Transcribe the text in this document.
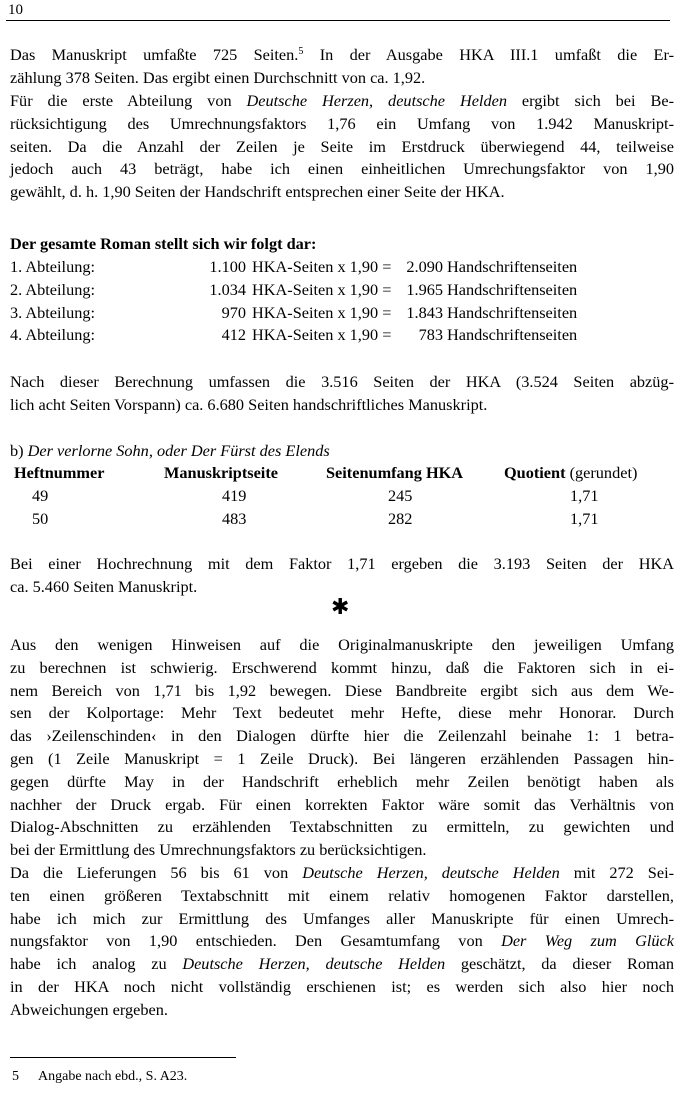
10
Das Manuskript umfaßte 725 Seiten.$^5$ In der Ausgabe HKA III.1 umfaßt die Er-
zählung 378 Seiten. Das ergibt einen Durchschnitt von ca. 1,92.
Für die erste Abteilung von Deutsche Herzen, deutsche Helden ergibt sich bei Be-
rücksichtigung des Umrechnungsfaktors 1,76 ein Umfang von 1.942 Manuskript-
seiten. Da die Anzahl der Zeilen je Seite im Erstdruck überwiegend 44, teilweise
jedoch auch 43 beträgt, habe ich einen einheitlichen Umrechungsfaktor von 1,90
gewählt, d. h. 1,90 Seiten der Handschrift entsprechen einer Seite der HKA.
Der gesamte Roman stellt sich wir folgt dar:
1. Abteilung:	1.100	HKA-Seiten x 1,90 =	2.090	Handschriftenseiten
2. Abteilung:	1.034	HKA-Seiten x 1,90 =	1.965	Handschriftenseiten
3. Abteilung:	970	HKA-Seiten x 1,90 =	1.843	Handschriftenseiten
4. Abteilung:	412	HKA-Seiten x 1,90 =	783	Handschriftenseiten
Nach dieser Berechnung umfassen die 3.516 Seiten der HKA (3.524 Seiten abzüg-
lich acht Seiten Vorspann) ca. 6.680 Seiten handschriftliches Manuskript.
b) Der verlorne Sohn, oder Der Fürst des Elends
Heftnummer	Manuskriptseite	Seitenumfang HKA	Quotient (gerundet)
49	419	245	1,71
50	483	282	1,71
Bei einer Hochrechnung mit dem Faktor 1,71 ergeben die 3.193 Seiten der HKA
ca. 5.460 Seiten Manuskript.
✱
Aus den wenigen Hinweisen auf die Originalmanuskripte den jeweiligen Umfang
zu berechnen ist schwierig. Erschwerend kommt hinzu, daß die Faktoren sich in ei-
nem Bereich von 1,71 bis 1,92 bewegen. Diese Bandbreite ergibt sich aus dem We-
sen der Kolportage: Mehr Text bedeutet mehr Hefte, diese mehr Honorar. Durch
das ›Zeilenschinden‹ in den Dialogen dürfte hier die Zeilenzahl beinahe 1: 1 betra-
gen (1 Zeile Manuskript = 1 Zeile Druck). Bei längeren erzählenden Passagen hin-
gegen dürfte May in der Handschrift erheblich mehr Zeilen benötigt haben als
nachher der Druck ergab. Für einen korrekten Faktor wäre somit das Verhältnis von
Dialog-Abschnitten zu erzählenden Textabschnitten zu ermitteln, zu gewichten und
bei der Ermittlung des Umrechnungsfaktors zu berücksichtigen.
Da die Lieferungen 56 bis 61 von Deutsche Herzen, deutsche Helden mit 272 Sei-
ten einen größeren Textabschnitt mit einem relativ homogenen Faktor darstellen,
habe ich mich zur Ermittlung des Umfanges aller Manuskripte für einen Umrech-
nungsfaktor von 1,90 entschieden. Den Gesamtumfang von Der Weg zum Glück
habe ich analog zu Deutsche Herzen, deutsche Helden geschätzt, da dieser Roman
in der HKA noch nicht vollständig erschienen ist; es werden sich also hier noch
Abweichungen ergeben.
5 Angabe nach ebd., S. A23.
